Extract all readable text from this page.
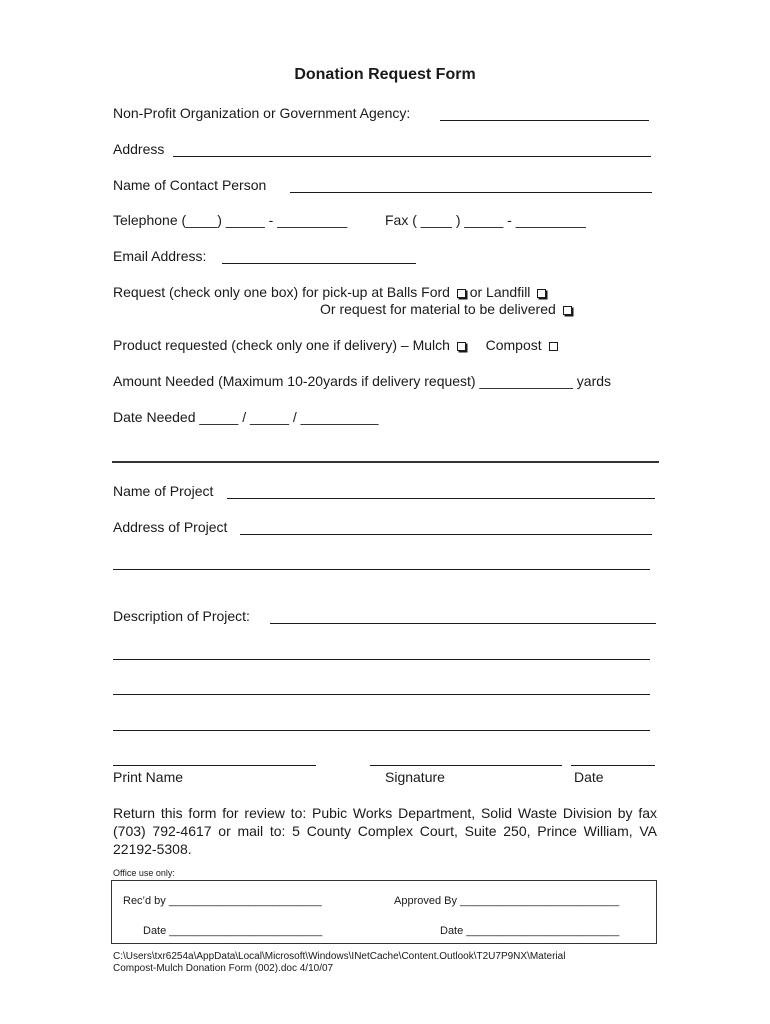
Donation Request Form
Non-Profit Organization or Government Agency:
Address
Name of Contact Person
Telephone (____) _____ - _________	Fax ( ____ ) _____ - _________
Email Address:
Request (check only one box) for pick-up at Balls Ford or Landfill
Or request for material to be delivered
Product requested (check only one if delivery) – Mulch	Compost
Amount Needed (Maximum 10-20yards if delivery request) ____________ yards
Date Needed _____ / _____ / __________
Name of Project
Address of Project
Description of Project:
Print Name	Signature	Date
Return this form for review to: Pubic Works Department, Solid Waste Division by fax (703) 792-4617 or mail to: 5 County Complex Court, Suite 250, Prince William, VA 22192-5308.
Office use only:
Rec’d by _________________________	Approved By __________________________
Date _________________________	Date _________________________
C:\Users\txr6254a\AppData\Local\Microsoft\Windows\INetCache\Content.Outlook\T2U7P9NX\Material
Compost-Mulch Donation Form (002).doc 4/10/07
